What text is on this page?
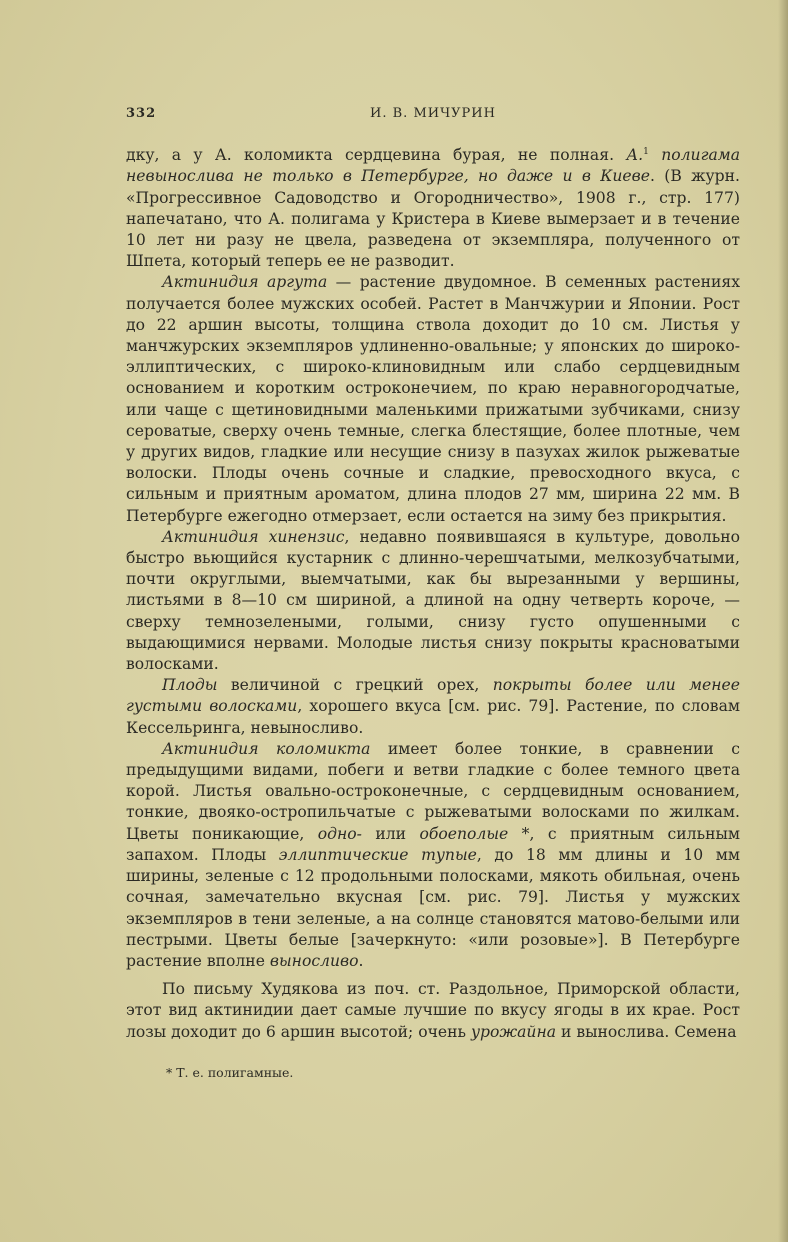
332	И. В. МИЧУРИН

дку, а у А. коломикта сердцевина бурая, не полная. А.$^1$ полигама невынослива не только в Петербурге, но даже и в Киеве. (В журн. «Прогрессивное Садоводство и Огородничество», 1908 г., стр. 177) напечатано, что А. полигама у Кристера в Киеве вымерзает и в течение 10 лет ни разу не цвела, разведена от экземпляра, полученного от Шпета, который теперь ее не разводит.

Актинидия аргута — растение двудомное. В семенных растениях получается более мужских особей. Растет в Манчжурии и Японии. Рост до 22 аршин высоты, толщина ствола доходит до 10 см. Листья у манчжурских экземпляров удлиненно-овальные; у японских до широко-эллиптических, с широко-клиновидным или слабо сердцевидным основанием и коротким остроконечием, по краю неравногородчатые, или чаще с щетиновидными маленькими прижатыми зубчиками, снизу сероватые, сверху очень темные, слегка блестящие, более плотные, чем у других видов, гладкие или несущие снизу в пазухах жилок рыжеватые волоски. Плоды очень сочные и сладкие, превосходного вкуса, с сильным и приятным ароматом, длина плодов 27 мм, ширина 22 мм. В Петербурге ежегодно отмерзает, если остается на зиму без прикрытия.

Актинидия хинензис, недавно появившаяся в культуре, довольно быстро вьющийся кустарник с длинно-черешчатыми, мелкозубчатыми, почти округлыми, выемчатыми, как бы вырезанными у вершины, листьями в 8—10 см шириной, а длиной на одну четверть короче, — сверху темнозелеными, голыми, снизу густо опушенными с выдающимися нервами. Молодые листья снизу покрыты красноватыми волосками.

Плоды величиной с грецкий орех, покрыты более или менее густыми волосками, хорошего вкуса [см. рис. 79]. Растение, по словам Кессельринга, невыносливо.

Актинидия коломикта имеет более тонкие, в сравнении с предыдущими видами, побеги и ветви гладкие с более темного цвета корой. Листья овально-остроконечные, с сердцевидным основанием, тонкие, двояко-остропильчатые с рыжеватыми волосками по жилкам. Цветы поникающие, одно- или обоеполые *, с приятным сильным запахом. Плоды эллиптические тупые, до 18 мм длины и 10 мм ширины, зеленые с 12 продольными полосками, мякоть обильная, очень сочная, замечательно вкусная [см. рис. 79]. Листья у мужских экземпляров в тени зеленые, а на солнце становятся матово-белыми или пестрыми. Цветы белые [зачеркнуто: «или розовые»]. В Петербурге растение вполне выносливо.

По письму Худякова из поч. ст. Раздольное, Приморской области, этот вид актинидии дает самые лучшие по вкусу ягоды в их крае. Рост лозы доходит до 6 аршин высотой; очень урожайна и вынослива. Семена

* Т. е. полигамные.
